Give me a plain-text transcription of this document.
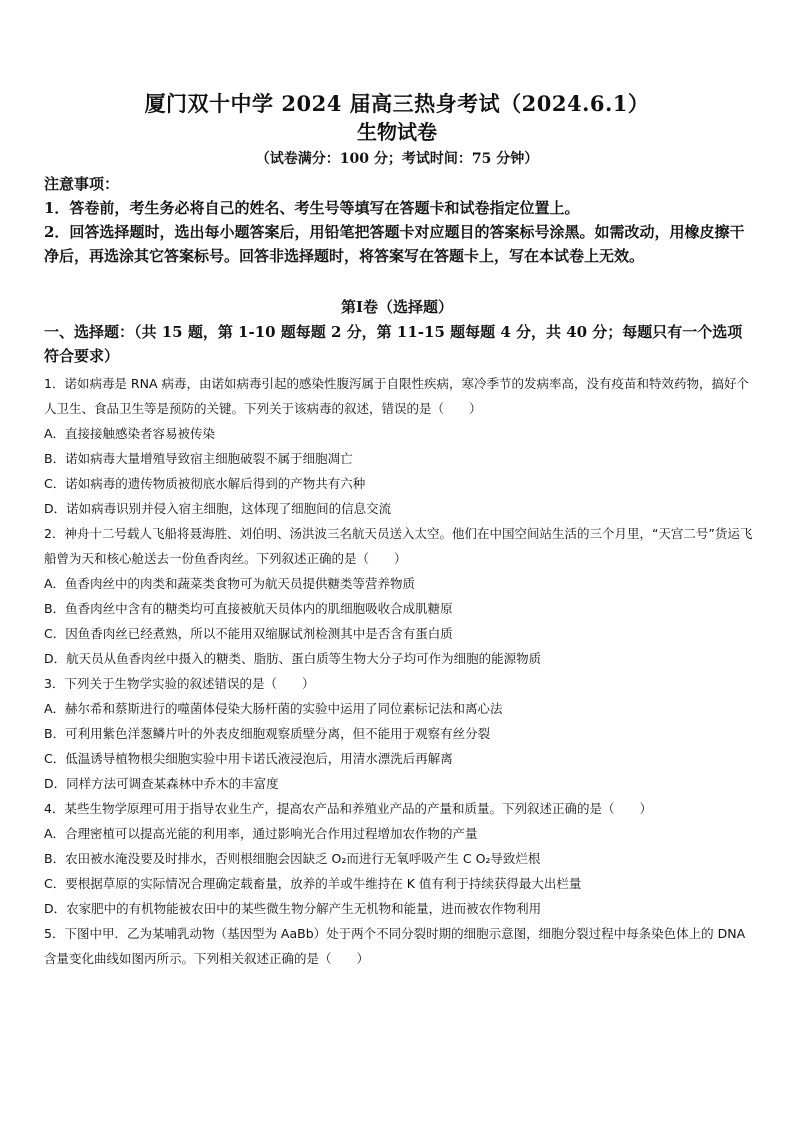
厦门双十中学 2024 届高三热身考试（2024.6.1）
生物试卷
（试卷满分：100 分；考试时间：75 分钟）

注意事项：

1．答卷前，考生务必将自己的姓名、考生号等填写在答题卡和试卷指定位置上。

2．回答选择题时，选出每小题答案后，用铅笔把答题卡对应题目的答案标号涂黑。如需改动，用橡皮擦干净后，再选涂其它答案标号。回答非选择题时，将答案写在答题卡上，写在本试卷上无效。

第Ⅰ卷（选择题）
一、选择题：（共 15 题，第 1-10 题每题 2 分，第 11-15 题每题 4 分，共 40 分；每题只有一个选项符合要求）

1．诺如病毒是 RNA 病毒，由诺如病毒引起的感染性腹泻属于自限性疾病，寒冷季节的发病率高，没有疫苗和特效药物，搞好个人卫生、食品卫生等是预防的关键。下列关于该病毒的叙述，错误的是（　　）

A．直接接触感染者容易被传染

B．诺如病毒大量增殖导致宿主细胞破裂不属于细胞凋亡

C．诺如病毒的遗传物质被彻底水解后得到的产物共有六种

D．诺如病毒识别并侵入宿主细胞，这体现了细胞间的信息交流

2．神舟十二号载人飞船将聂海胜、刘伯明、汤洪波三名航天员送入太空。他们在中国空间站生活的三个月里，“天宫二号”货运飞船曾为天和核心舱送去一份鱼香肉丝。下列叙述正确的是（　　）

A．鱼香肉丝中的肉类和蔬菜类食物可为航天员提供糖类等营养物质

B．鱼香肉丝中含有的糖类均可直接被航天员体内的肌细胞吸收合成肌糖原

C．因鱼香肉丝已经煮熟，所以不能用双缩脲试剂检测其中是否含有蛋白质

D．航天员从鱼香肉丝中摄入的糖类、脂肪、蛋白质等生物大分子均可作为细胞的能源物质

3．下列关于生物学实验的叙述错误的是（　　）

A．赫尔希和蔡斯进行的噬菌体侵染大肠杆菌的实验中运用了同位素标记法和离心法

B．可利用紫色洋葱鳞片叶的外表皮细胞观察质壁分离，但不能用于观察有丝分裂

C．低温诱导植物根尖细胞实验中用卡诺氏液浸泡后，用清水漂洗后再解离

D．同样方法可调查某森林中乔木的丰富度

4．某些生物学原理可用于指导农业生产，提高农产品和养殖业产品的产量和质量。下列叙述正确的是（　　）

A．合理密植可以提高光能的利用率，通过影响光合作用过程增加农作物的产量

B．农田被水淹没要及时排水，否则根细胞会因缺乏 O₂而进行无氧呼吸产生 C O₂导致烂根

C．要根据草原的实际情况合理确定载畜量，放养的羊或牛维持在 K 值有利于持续获得最大出栏量

D．农家肥中的有机物能被农田中的某些微生物分解产生无机物和能量，进而被农作物利用

5．下图中甲．乙为某哺乳动物（基因型为 AaBb）处于两个不同分裂时期的细胞示意图，细胞分裂过程中每条染色体上的 DNA 含量变化曲线如图丙所示。下列相关叙述正确的是（　　）
